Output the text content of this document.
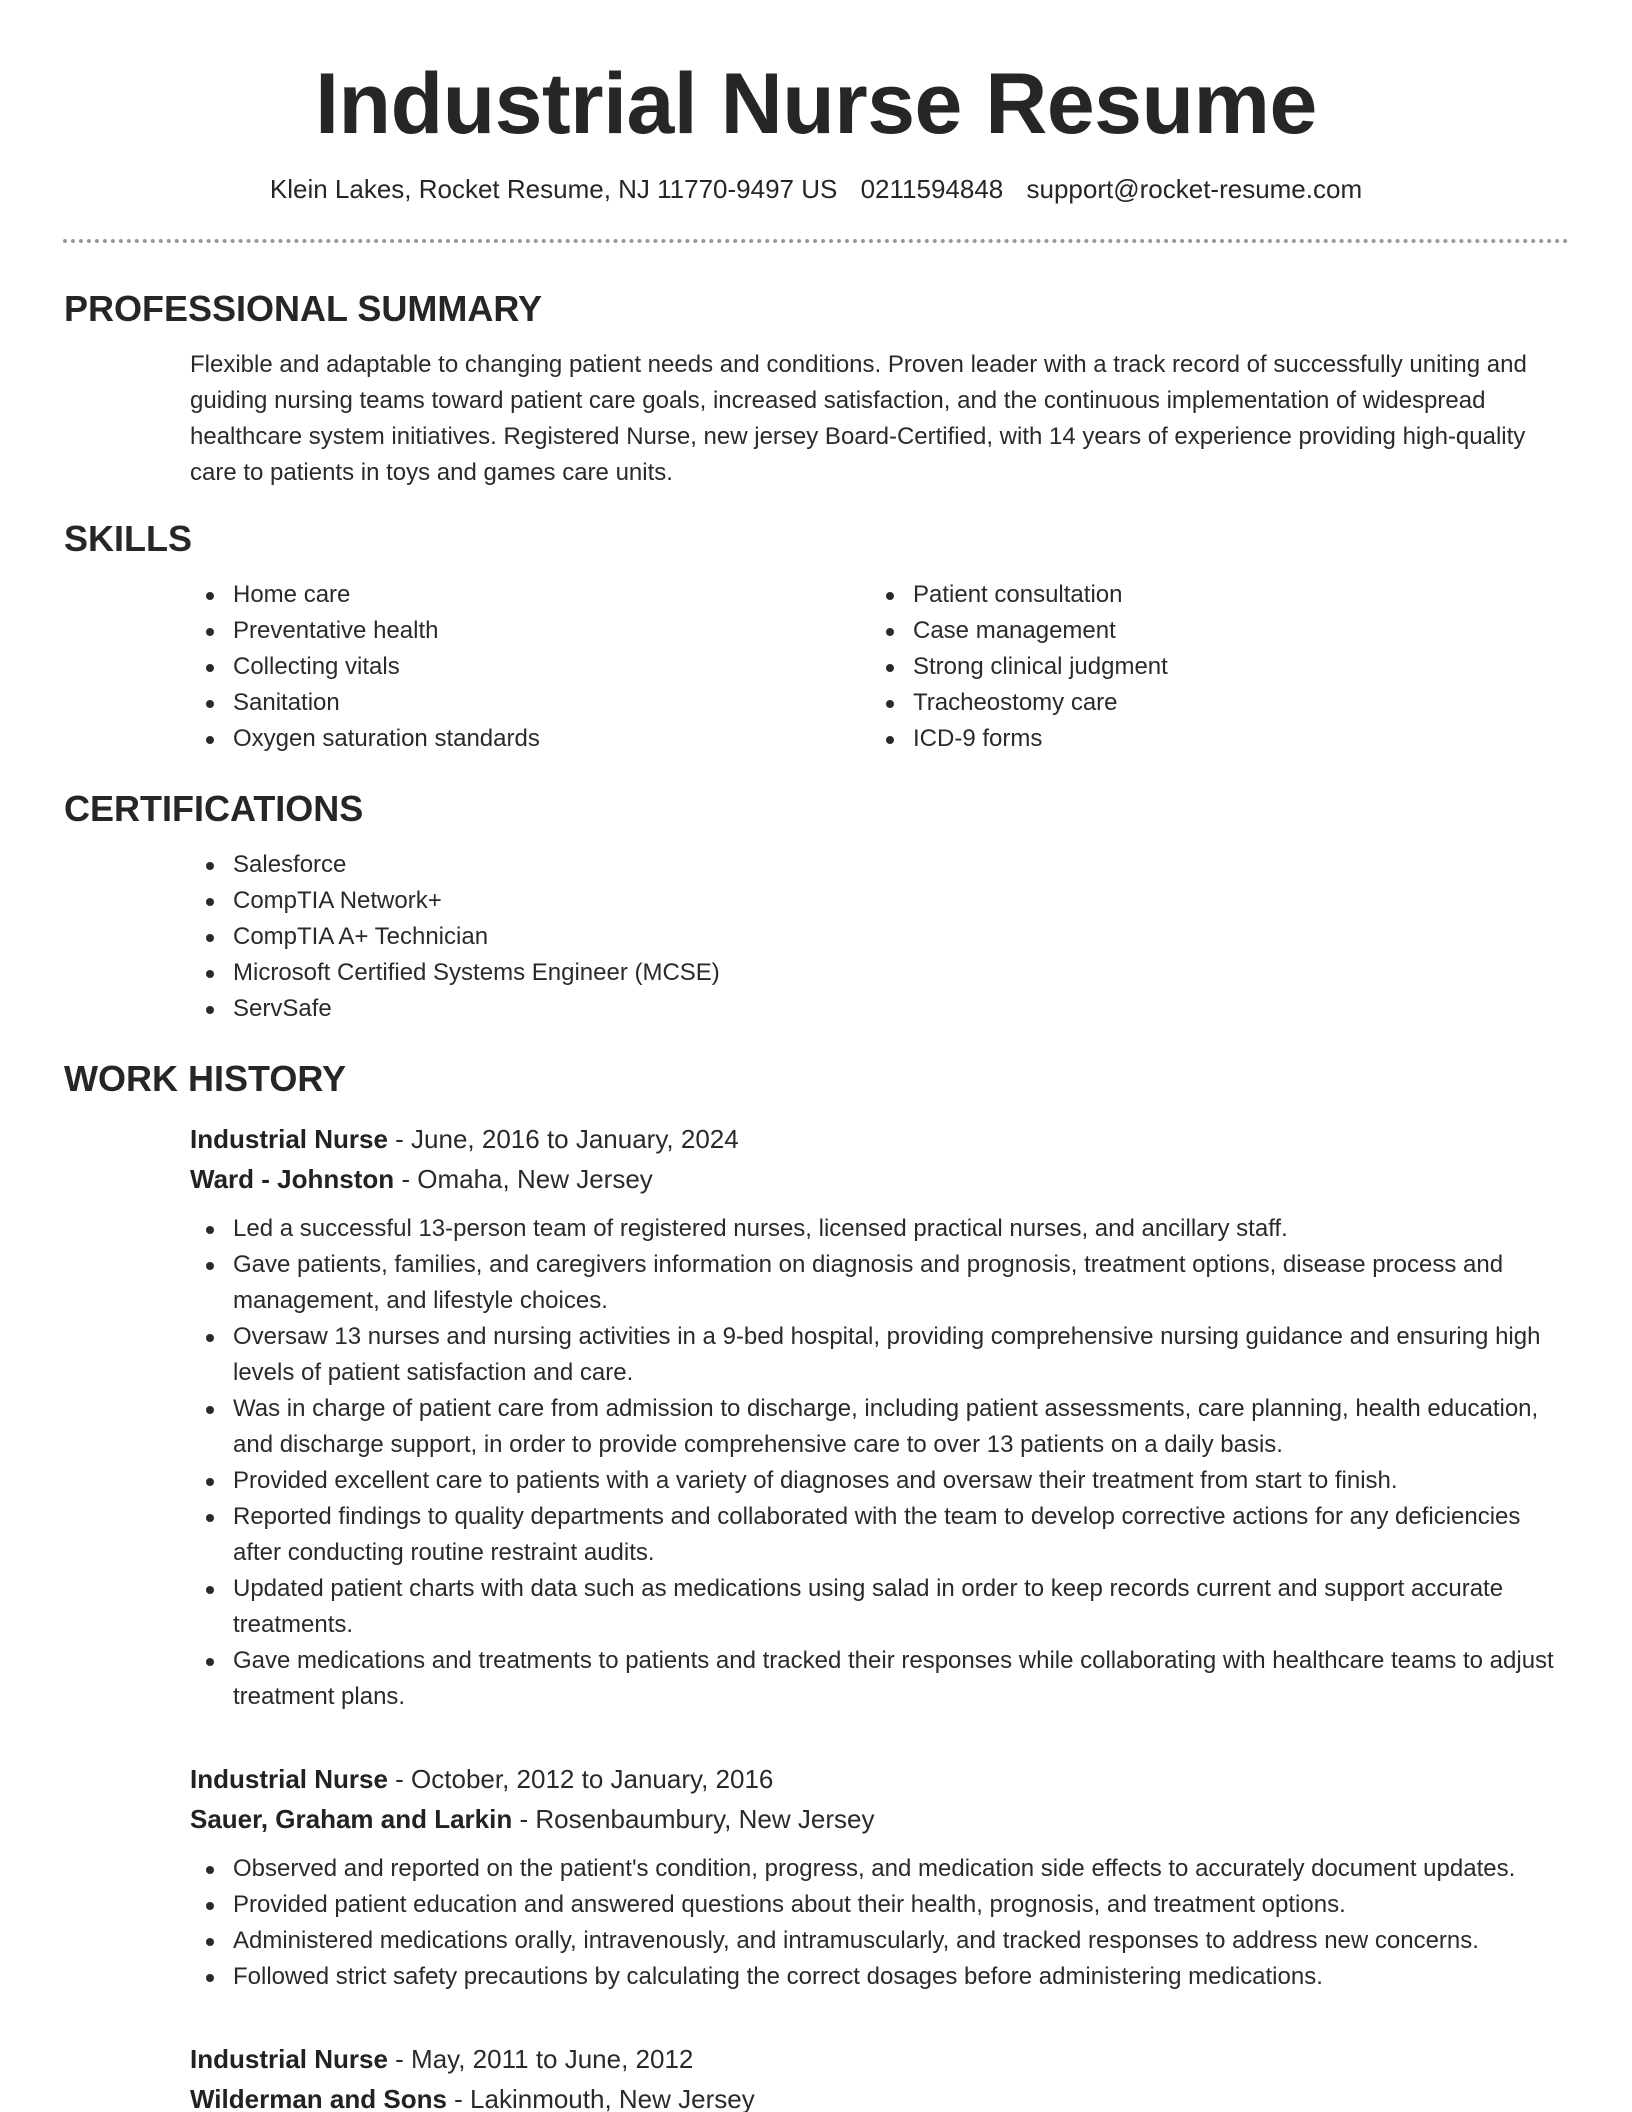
Industrial Nurse Resume
Klein Lakes, Rocket Resume, NJ 11770-9497 US 0211594848 support@rocket-resume.com
PROFESSIONAL SUMMARY
Flexible and adaptable to changing patient needs and conditions. Proven leader with a track record of successfully uniting and guiding nursing teams toward patient care goals, increased satisfaction, and the continuous implementation of widespread healthcare system initiatives. Registered Nurse, new jersey Board-Certified, with 14 years of experience providing high-quality care to patients in toys and games care units.
SKILLS
Home care
Preventative health
Collecting vitals
Sanitation
Oxygen saturation standards
Patient consultation
Case management
Strong clinical judgment
Tracheostomy care
ICD-9 forms
CERTIFICATIONS
Salesforce
CompTIA Network+
CompTIA A+ Technician
Microsoft Certified Systems Engineer (MCSE)
ServSafe
WORK HISTORY
Industrial Nurse - June, 2016 to January, 2024
Ward - Johnston - Omaha, New Jersey
Led a successful 13-person team of registered nurses, licensed practical nurses, and ancillary staff.
Gave patients, families, and caregivers information on diagnosis and prognosis, treatment options, disease process and management, and lifestyle choices.
Oversaw 13 nurses and nursing activities in a 9-bed hospital, providing comprehensive nursing guidance and ensuring high levels of patient satisfaction and care.
Was in charge of patient care from admission to discharge, including patient assessments, care planning, health education, and discharge support, in order to provide comprehensive care to over 13 patients on a daily basis.
Provided excellent care to patients with a variety of diagnoses and oversaw their treatment from start to finish.
Reported findings to quality departments and collaborated with the team to develop corrective actions for any deficiencies after conducting routine restraint audits.
Updated patient charts with data such as medications using salad in order to keep records current and support accurate treatments.
Gave medications and treatments to patients and tracked their responses while collaborating with healthcare teams to adjust treatment plans.
Industrial Nurse - October, 2012 to January, 2016
Sauer, Graham and Larkin - Rosenbaumbury, New Jersey
Observed and reported on the patient's condition, progress, and medication side effects to accurately document updates.
Provided patient education and answered questions about their health, prognosis, and treatment options.
Administered medications orally, intravenously, and intramuscularly, and tracked responses to address new concerns.
Followed strict safety precautions by calculating the correct dosages before administering medications.
Industrial Nurse - May, 2011 to June, 2012
Wilderman and Sons - Lakinmouth, New Jersey
